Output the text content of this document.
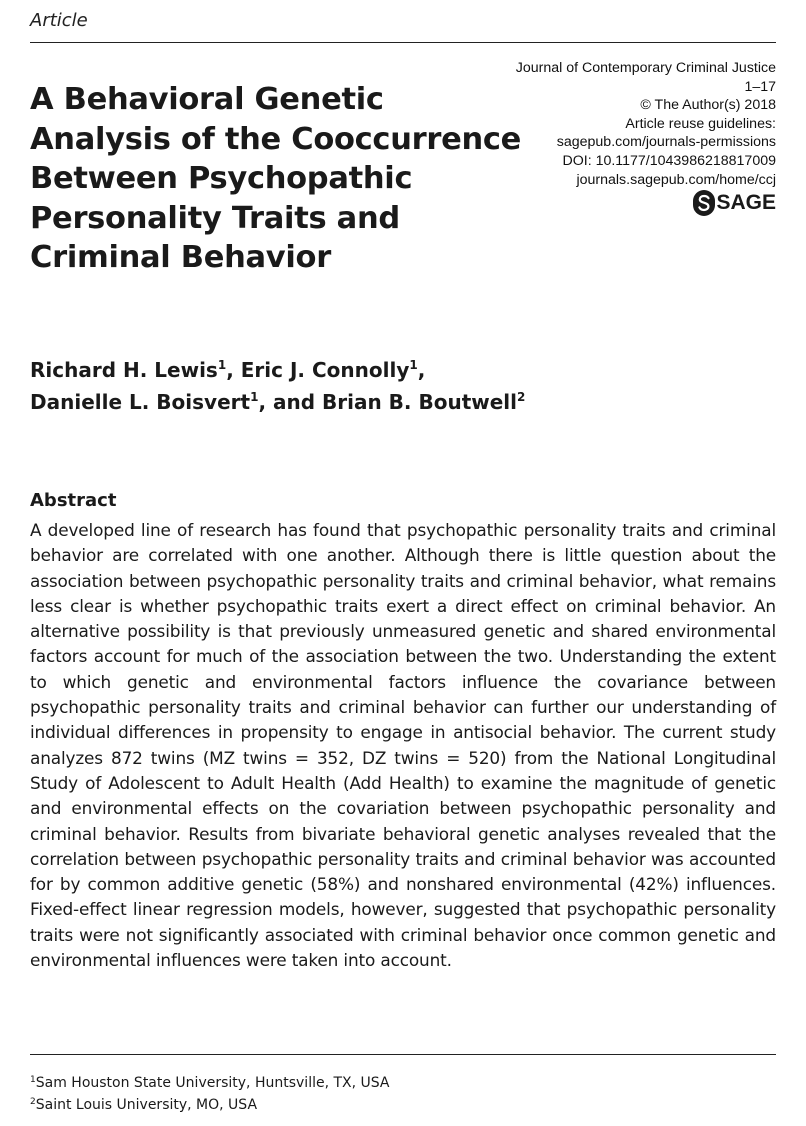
Article
Journal of Contemporary Criminal Justice
1–17
© The Author(s) 2018
Article reuse guidelines:
sagepub.com/journals-permissions
DOI: 10.1177/1043986218817009
journals.sagepub.com/home/ccj
SAGE
A Behavioral Genetic Analysis of the Cooccurrence Between Psychopathic Personality Traits and Criminal Behavior
Richard H. Lewis$^1$, Eric J. Connolly$^1$,
Danielle L. Boisvert$^1$, and Brian B. Boutwell$^2$
Abstract
A developed line of research has found that psychopathic personality traits and criminal behavior are correlated with one another. Although there is little question about the association between psychopathic personality traits and criminal behavior, what remains less clear is whether psychopathic traits exert a direct effect on criminal behavior. An alternative possibility is that previously unmeasured genetic and shared environmental factors account for much of the association between the two. Understanding the extent to which genetic and environmental factors influence the covariance between psychopathic personality traits and criminal behavior can further our understanding of individual differences in propensity to engage in antisocial behavior. The current study analyzes 872 twins (MZ twins = 352, DZ twins = 520) from the National Longitudinal Study of Adolescent to Adult Health (Add Health) to examine the magnitude of genetic and environmental effects on the covariation between psychopathic personality and criminal behavior. Results from bivariate behavioral genetic analyses revealed that the correlation between psychopathic personality traits and criminal behavior was accounted for by common additive genetic (58%) and nonshared environmental (42%) influences. Fixed-effect linear regression models, however, suggested that psychopathic personality traits were not significantly associated with criminal behavior once common genetic and environmental influences were taken into account.
$^1$Sam Houston State University, Huntsville, TX, USA
$^2$Saint Louis University, MO, USA
